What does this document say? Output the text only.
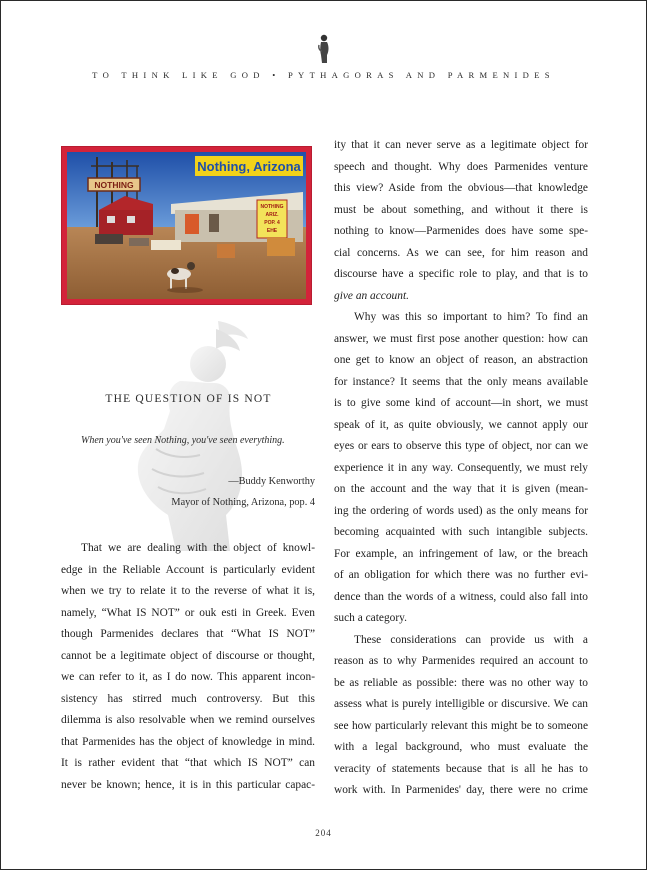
TO THINK LIKE GOD • PYTHAGORAS AND PARMENIDES
NOTHING
NOTHING
ARIZ.
POP. 4
EHE
Nothing, Arizona
THE QUESTION OF IS NOT
When you've seen Nothing, you've seen everything.
—Buddy Kenworthy
Mayor of Nothing, Arizona, pop. 4

That we are dealing with the object of knowl-
edge in the Reliable Account is particularly evident
when we try to relate it to the reverse of what it is,
namely, “What IS NOT” or ouk esti in Greek. Even
though Parmenides declares that “What IS NOT”
cannot be a legitimate object of discourse or thought,
we can refer to it, as I do now. This apparent incon-
sistency has stirred much controversy. But this
dilemma is also resolvable when we remind ourselves
that Parmenides has the object of knowledge in mind.
It is rather evident that “that which IS NOT” can
never be known; hence, it is in this particular capac-

ity that it can never serve as a legitimate object for
speech and thought. Why does Parmenides venture
this view? Aside from the obvious—that knowledge
must be about something, and without it there is
nothing to know—Parmenides does have some spe-
cial concerns. As we can see, for him reason and
discourse have a specific role to play, and that is to
give an account.

Why was this so important to him? To find an
answer, we must first pose another question: how can
one get to know an object of reason, an abstraction
for instance? It seems that the only means available
is to give some kind of account—in short, we must
speak of it, as quite obviously, we cannot apply our
eyes or ears to observe this type of object, nor can we
experience it in any way. Consequently, we must rely
on the account and the way that it is given (mean-
ing the ordering of words used) as the only means for
becoming acquainted with such intangible subjects.
For example, an infringement of law, or the breach
of an obligation for which there was no further evi-
dence than the words of a witness, could also fall into
such a category.

These considerations can provide us with a
reason as to why Parmenides required an account to
be as reliable as possible: there was no other way to
assess what is purely intelligible or discursive. We can
see how particularly relevant this might be to someone
with a legal background, who must evaluate the
veracity of statements because that is all he has to
work with. In Parmenides' day, there were no crime

204
